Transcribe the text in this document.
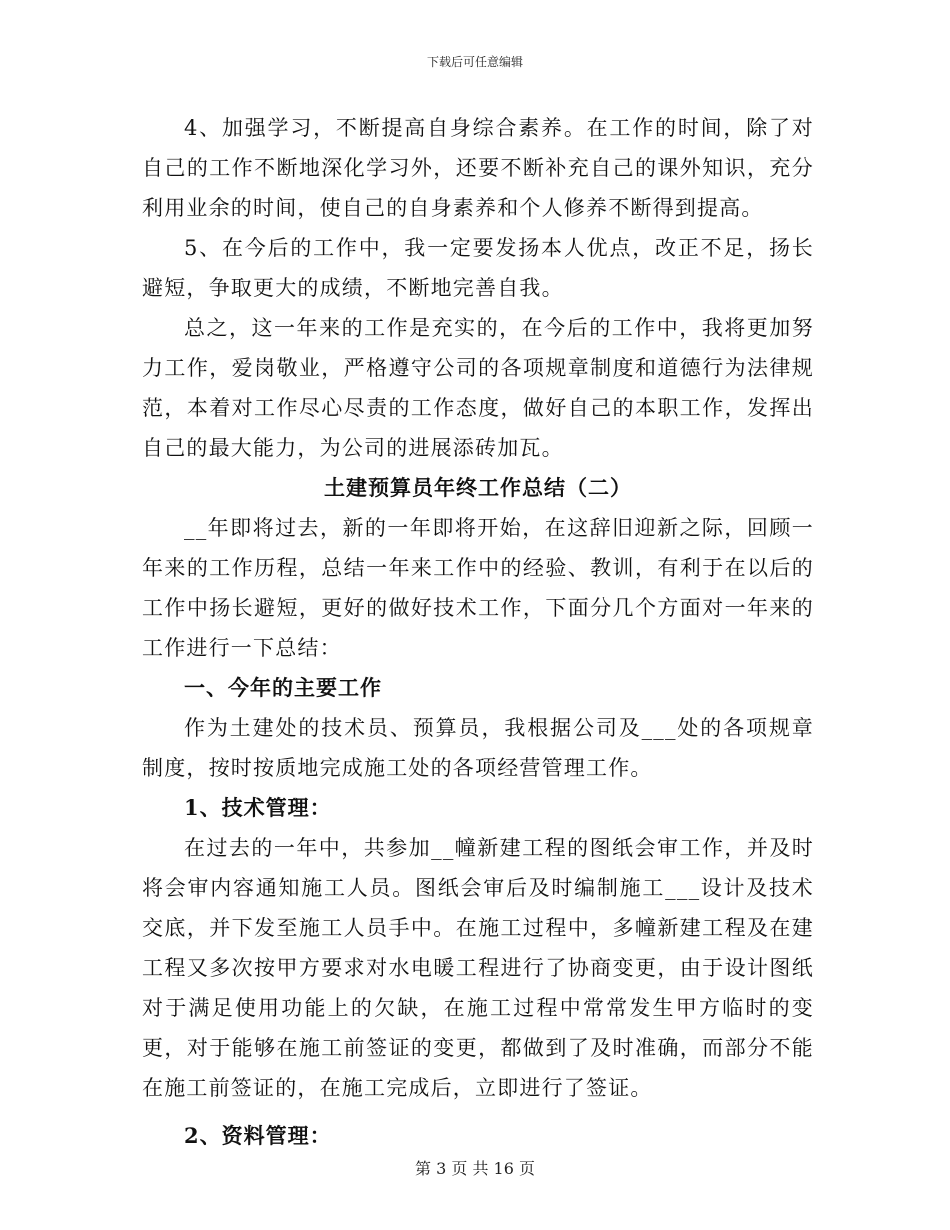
下载后可任意编辑

4、加强学习，不断提高自身综合素养。在工作的时间，除了对自己的工作不断地深化学习外，还要不断补充自己的课外知识，充分利用业余的时间，使自己的自身素养和个人修养不断得到提高。

5、在今后的工作中，我一定要发扬本人优点，改正不足，扬长避短，争取更大的成绩，不断地完善自我。

总之，这一年来的工作是充实的，在今后的工作中，我将更加努力工作，爱岗敬业，严格遵守公司的各项规章制度和道德行为法律规范，本着对工作尽心尽责的工作态度，做好自己的本职工作，发挥出自己的最大能力，为公司的进展添砖加瓦。

土建预算员年终工作总结（二）

__年即将过去，新的一年即将开始，在这辞旧迎新之际，回顾一年来的工作历程，总结一年来工作中的经验、教训，有利于在以后的工作中扬长避短，更好的做好技术工作，下面分几个方面对一年来的工作进行一下总结：

一、今年的主要工作

作为土建处的技术员、预算员，我根据公司及___处的各项规章制度，按时按质地完成施工处的各项经营管理工作。

1、技术管理：

在过去的一年中，共参加__幢新建工程的图纸会审工作，并及时将会审内容通知施工人员。图纸会审后及时编制施工___设计及技术交底，并下发至施工人员手中。在施工过程中，多幢新建工程及在建工程又多次按甲方要求对水电暖工程进行了协商变更，由于设计图纸对于满足使用功能上的欠缺，在施工过程中常常发生甲方临时的变更，对于能够在施工前签证的变更，都做到了及时准确，而部分不能在施工前签证的，在施工完成后，立即进行了签证。

2、资料管理：

第 3 页 共 16 页
